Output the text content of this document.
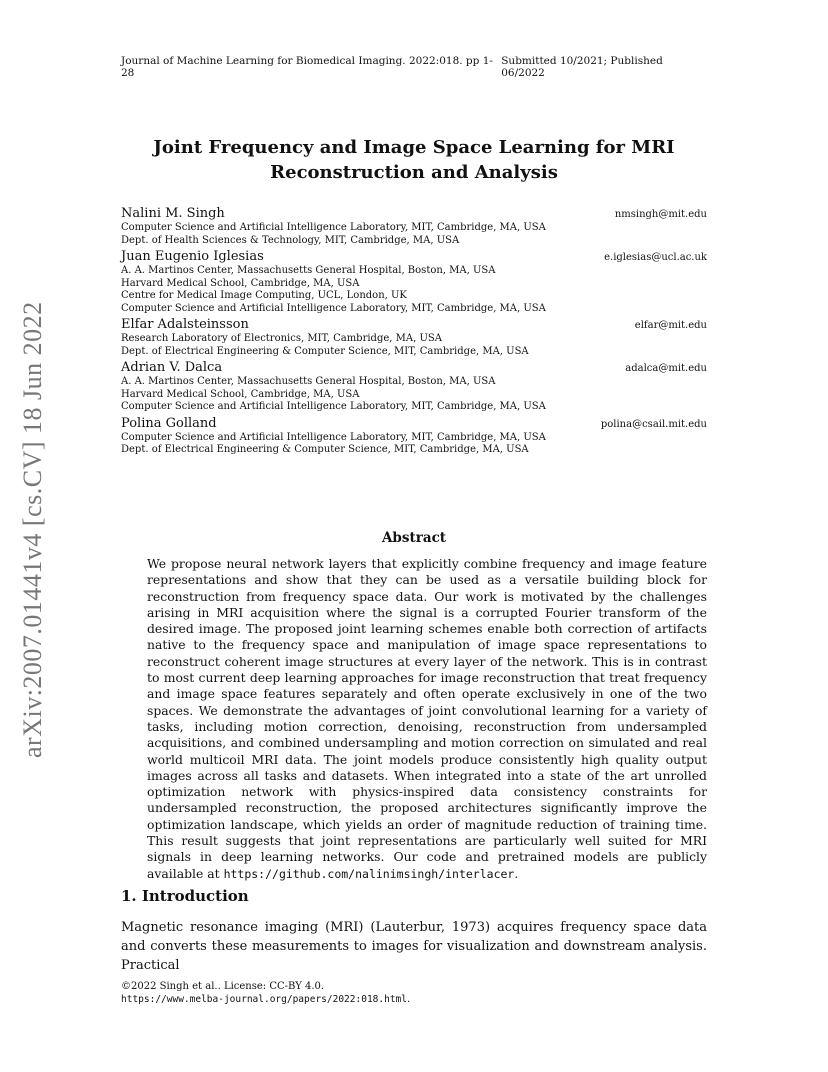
Journal of Machine Learning for Biomedical Imaging. 2022:018. pp 1-28
Submitted 10/2021; Published 06/2022
Joint Frequency and Image Space Learning for MRI
Reconstruction and Analysis
Nalini M. Singh	nmsingh@mit.edu
Computer Science and Artificial Intelligence Laboratory, MIT, Cambridge, MA, USA
Dept. of Health Sciences & Technology, MIT, Cambridge, MA, USA
Juan Eugenio Iglesias	e.iglesias@ucl.ac.uk
A. A. Martinos Center, Massachusetts General Hospital, Boston, MA, USA
Harvard Medical School, Cambridge, MA, USA
Centre for Medical Image Computing, UCL, London, UK
Computer Science and Artificial Intelligence Laboratory, MIT, Cambridge, MA, USA
Elfar Adalsteinsson	elfar@mit.edu
Research Laboratory of Electronics, MIT, Cambridge, MA, USA
Dept. of Electrical Engineering & Computer Science, MIT, Cambridge, MA, USA
Adrian V. Dalca	adalca@mit.edu
A. A. Martinos Center, Massachusetts General Hospital, Boston, MA, USA
Harvard Medical School, Cambridge, MA, USA
Computer Science and Artificial Intelligence Laboratory, MIT, Cambridge, MA, USA
Polina Golland	polina@csail.mit.edu
Computer Science and Artificial Intelligence Laboratory, MIT, Cambridge, MA, USA
Dept. of Electrical Engineering & Computer Science, MIT, Cambridge, MA, USA
Abstract
We propose neural network layers that explicitly combine frequency and image feature representations and show that they can be used as a versatile building block for reconstruction from frequency space data. Our work is motivated by the challenges arising in MRI acquisition where the signal is a corrupted Fourier transform of the desired image. The proposed joint learning schemes enable both correction of artifacts native to the frequency space and manipulation of image space representations to reconstruct coherent image structures at every layer of the network. This is in contrast to most current deep learning approaches for image reconstruction that treat frequency and image space features separately and often operate exclusively in one of the two spaces. We demonstrate the advantages of joint convolutional learning for a variety of tasks, including motion correction, denoising, reconstruction from undersampled acquisitions, and combined undersampling and motion correction on simulated and real world multicoil MRI data. The joint models produce consistently high quality output images across all tasks and datasets. When integrated into a state of the art unrolled optimization network with physics-inspired data consistency constraints for undersampled reconstruction, the proposed architectures significantly improve the optimization landscape, which yields an order of magnitude reduction of training time. This result suggests that joint representations are particularly well suited for MRI signals in deep learning networks. Our code and pretrained models are publicly available at https://github.com/nalinimsingh/interlacer.
1. Introduction
Magnetic resonance imaging (MRI) (Lauterbur, 1973) acquires frequency space data and converts these measurements to images for visualization and downstream analysis. Practical
©2022 Singh et al.. License: CC-BY 4.0.
https://www.melba-journal.org/papers/2022:018.html.
arXiv:2007.01441v4 [cs.CV] 18 Jun 2022
